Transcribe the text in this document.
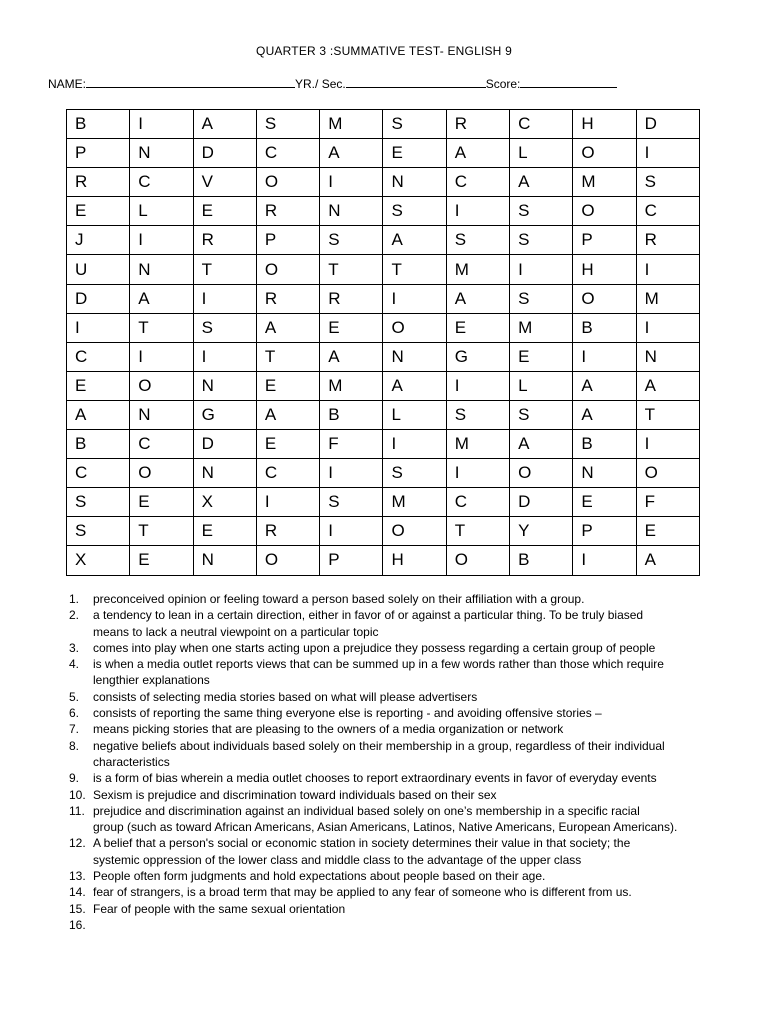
QUARTER 3 :SUMMATIVE TEST- ENGLISH 9
NAME:	YR./ Sec.	Score:
B	I	A	S	M	S	R	C	H	D
P	N	D	C	A	E	A	L	O	I
R	C	V	O	I	N	C	A	M	S
E	L	E	R	N	S	I	S	O	C
J	I	R	P	S	A	S	S	P	R
U	N	T	O	T	T	M	I	H	I
D	A	I	R	R	I	A	S	O	M
I	T	S	A	E	O	E	M	B	I
C	I	I	T	A	N	G	E	I	N
E	O	N	E	M	A	I	L	A	A
A	N	G	A	B	L	S	S	A	T
B	C	D	E	F	I	M	A	B	I
C	O	N	C	I	S	I	O	N	O
S	E	X	I	S	M	C	D	E	F
S	T	E	R	I	O	T	Y	P	E
X	E	N	O	P	H	O	B	I	A
1. preconceived opinion or feeling toward a person based solely on their affiliation with a group.
2. a tendency to lean in a certain direction, either in favor of or against a particular thing. To be truly biased
means to lack a neutral viewpoint on a particular topic
3. comes into play when one starts acting upon a prejudice they possess regarding a certain group of people
4. is when a media outlet reports views that can be summed up in a few words rather than those which require
lengthier explanations
5. consists of selecting media stories based on what will please advertisers
6. consists of reporting the same thing everyone else is reporting - and avoiding offensive stories –
7. means picking stories that are pleasing to the owners of a media organization or network
8. negative beliefs about individuals based solely on their membership in a group, regardless of their individual
characteristics
9. is a form of bias wherein a media outlet chooses to report extraordinary events in favor of everyday events
10. Sexism is prejudice and discrimination toward individuals based on their sex
11. prejudice and discrimination against an individual based solely on one’s membership in a specific racial
group (such as toward African Americans, Asian Americans, Latinos, Native Americans, European Americans).
12. A belief that a person's social or economic station in society determines their value in that society; the
systemic oppression of the lower class and middle class to the advantage of the upper class
13. People often form judgments and hold expectations about people based on their age.
14. fear of strangers, is a broad term that may be applied to any fear of someone who is different from us.
15. Fear of people with the same sexual orientation
16.
